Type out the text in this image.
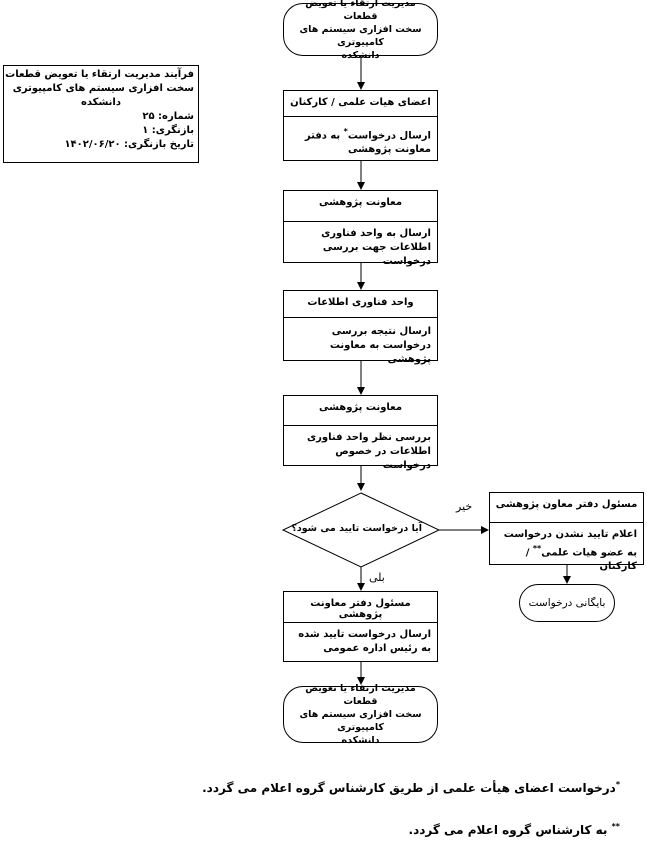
فرآیند مدیریت ارتقاء یا تعویض قطعات
سخت افزاری سیستم های کامپیوتری
دانشکده
شماره: ۲۵
بازنگری: ۱
تاریخ بازنگری: ۱۴۰۲/۰۶/۲۰
مدیریت ارتقاء یا تعویض قطعات
سخت افزاری سیستم های کامپیوتری
دانشکده
اعضای هیات علمی / کارکنان
ارسال درخواست* به دفتر معاونت پژوهشی
معاونت پژوهشی
ارسال به واحد فناوری اطلاعات جهت بررسی درخواست
واحد فناوری اطلاعات
ارسال نتیجه بررسی درخواست به معاونت پژوهشی
معاونت پژوهشی
بررسی نظر واحد فناوری اطلاعات در خصوص درخواست
آیا درخواست تایید می شود؟
خیر
بلی
مسئول دفتر معاون پژوهشی
اعلام تایید نشدن درخواست به عضو هیات علمی** / کارکنان
بایگانی درخواست
مسئول دفتر معاونت پژوهشی
ارسال درخواست تایید شده به رئیس اداره عمومی
مدیریت ارتقاء یا تعویض قطعات
سخت افزاری سیستم های کامپیوتری
دانشکده
*درخواست اعضای هیأت علمی از طریق کارشناس گروه اعلام می گردد.
** به کارشناس گروه اعلام می گردد.
